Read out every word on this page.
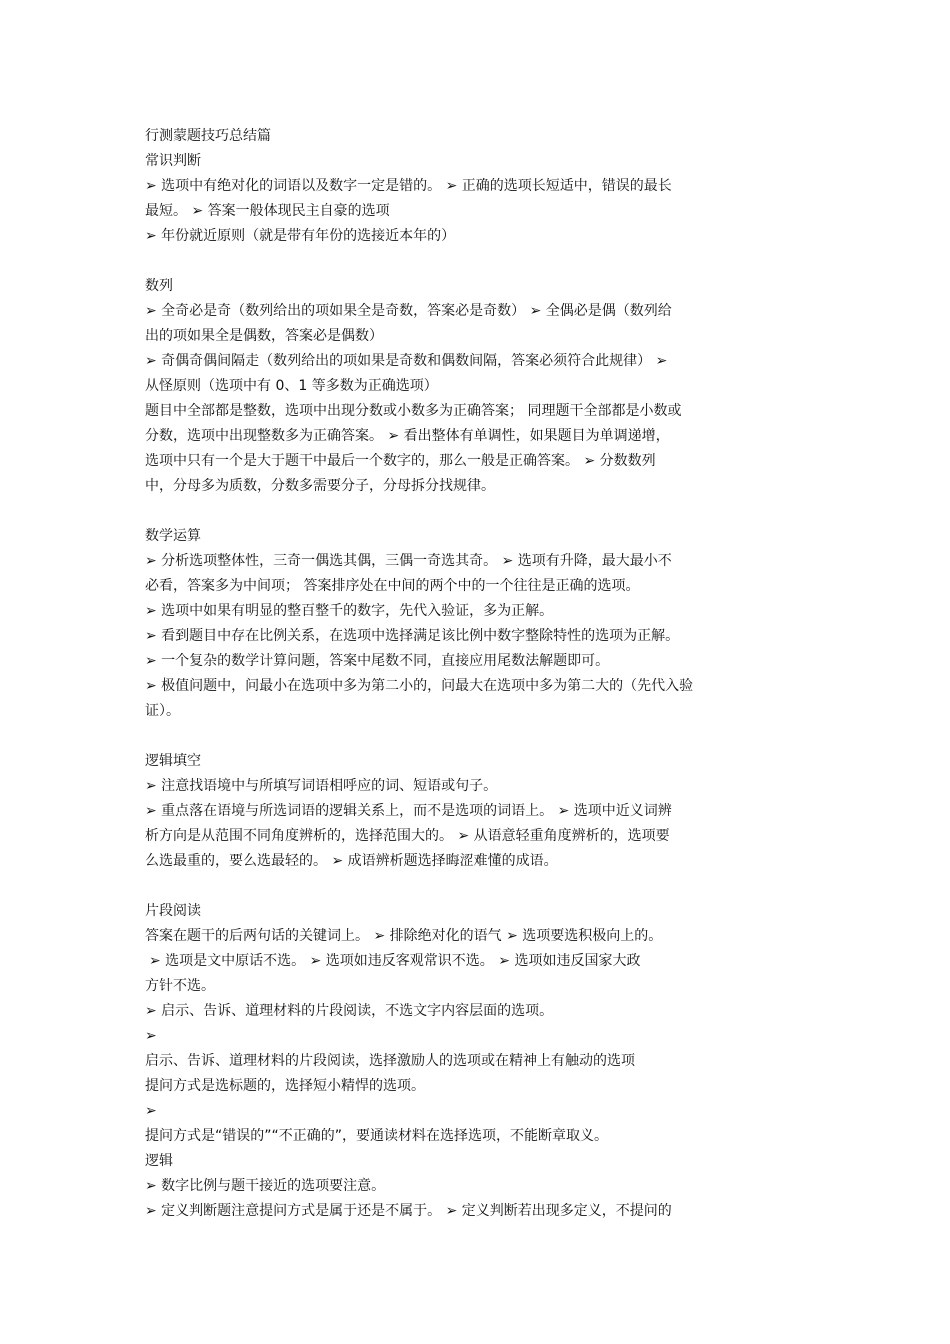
行测蒙题技巧总结篇
常识判断
➢ 选项中有绝对化的词语以及数字一定是错的。 ➢ 正确的选项长短适中，错误的最长
最短。 ➢ 答案一般体现民主自豪的选项
➢ 年份就近原则（就是带有年份的选接近本年的）
数列
➢ 全奇必是奇（数列给出的项如果全是奇数，答案必是奇数） ➢ 全偶必是偶（数列给
出的项如果全是偶数，答案必是偶数）
➢ 奇偶奇偶间隔走（数列给出的项如果是奇数和偶数间隔，答案必须符合此规律） ➢
从怪原则（选项中有 0、1 等多数为正确选项）
题目中全部都是整数，选项中出现分数或小数多为正确答案； 同理题干全部都是小数或
分数，选项中出现整数多为正确答案。 ➢ 看出整体有单调性，如果题目为单调递增，
选项中只有一个是大于题干中最后一个数字的，那么一般是正确答案。 ➢ 分数数列
中，分母多为质数，分数多需要分子，分母拆分找规律。
数学运算
➢ 分析选项整体性，三奇一偶选其偶，三偶一奇选其奇。 ➢ 选项有升降，最大最小不
必看，答案多为中间项； 答案排序处在中间的两个中的一个往往是正确的选项。
➢ 选项中如果有明显的整百整千的数字，先代入验证，多为正解。
➢ 看到题目中存在比例关系，在选项中选择满足该比例中数字整除特性的选项为正解。
➢ 一个复杂的数学计算问题，答案中尾数不同，直接应用尾数法解题即可。
➢ 极值问题中，问最小在选项中多为第二小的，问最大在选项中多为第二大的（先代入验
证）。
逻辑填空
➢ 注意找语境中与所填写词语相呼应的词、短语或句子。
➢ 重点落在语境与所选词语的逻辑关系上，而不是选项的词语上。 ➢ 选项中近义词辨
析方向是从范围不同角度辨析的，选择范围大的。 ➢ 从语意轻重角度辨析的，选项要
么选最重的，要么选最轻的。 ➢ 成语辨析题选择晦涩难懂的成语。
片段阅读
答案在题干的后两句话的关键词上。 ➢ 排除绝对化的语气 ➢ 选项要选积极向上的。
➢ 选项是文中原话不选。 ➢ 选项如违反客观常识不选。 ➢ 选项如违反国家大政
方针不选。
➢ 启示、告诉、道理材料的片段阅读，不选文字内容层面的选项。
➢
启示、告诉、道理材料的片段阅读，选择激励人的选项或在精神上有触动的选项
提问方式是选标题的，选择短小精悍的选项。
➢
提问方式是“错误的”“不正确的”，要通读材料在选择选项，不能断章取义。
逻辑
➢ 数字比例与题干接近的选项要注意。
➢ 定义判断题注意提问方式是属于还是不属于。 ➢ 定义判断若出现多定义，不提问的
